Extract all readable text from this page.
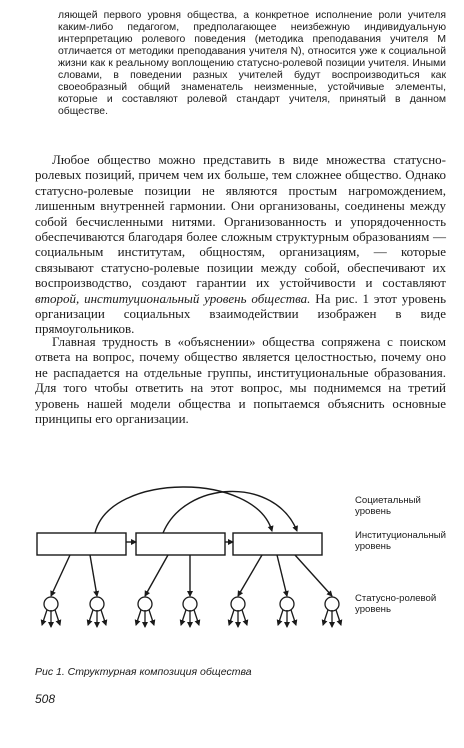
ляющей первого уровня общества, а конкретное исполнение роли учителя каким-либо педагогом, предполагающее неизбежную индивидуальную интерпретацию ролевого поведения (методика преподавания учителя М отличается от методики преподавания учителя N), относится уже к социальной жизни как к реальному воплощению статусно-ролевой позиции учителя. Иными словами, в поведении разных учителей будут воспроизводиться как своеобразный общий знаменатель неизменные, устойчивые элементы, которые и составляют ролевой стандарт учителя, принятый в данном обществе.
Любое общество можно представить в виде множества статусно-ролевых позиций, причем чем их больше, тем сложнее общество. Однако статусно-ролевые позиции не являются простым нагромождением, лишенным внутренней гармонии. Они организованы, соединены между собой бесчисленными нитями. Организованность и упорядоченность обеспечиваются благодаря более сложным структурным образованиям — социальным институтам, общностям, организациям, — которые связывают статусно-ролевые позиции между собой, обеспечивают их воспроизводство, создают гарантии их устойчивости и составляют второй, институциональный уровень общества. На рис. 1 этот уровень организации социальных взаимодействии изображен в виде прямоугольников.
Главная трудность в «объяснении» общества сопряжена с поиском ответа на вопрос, почему общество является целостностью, почему оно не распадается на отдельные группы, институциональные образования. Для того чтобы ответить на этот вопрос, мы поднимемся на третий уровень нашей модели общества и попытаемся объяснить основные принципы его организации.
Социетальный
уровень
Институциональный
уровень
Статусно-ролевой
уровень
Рис 1. Структурная композиция общества
508
